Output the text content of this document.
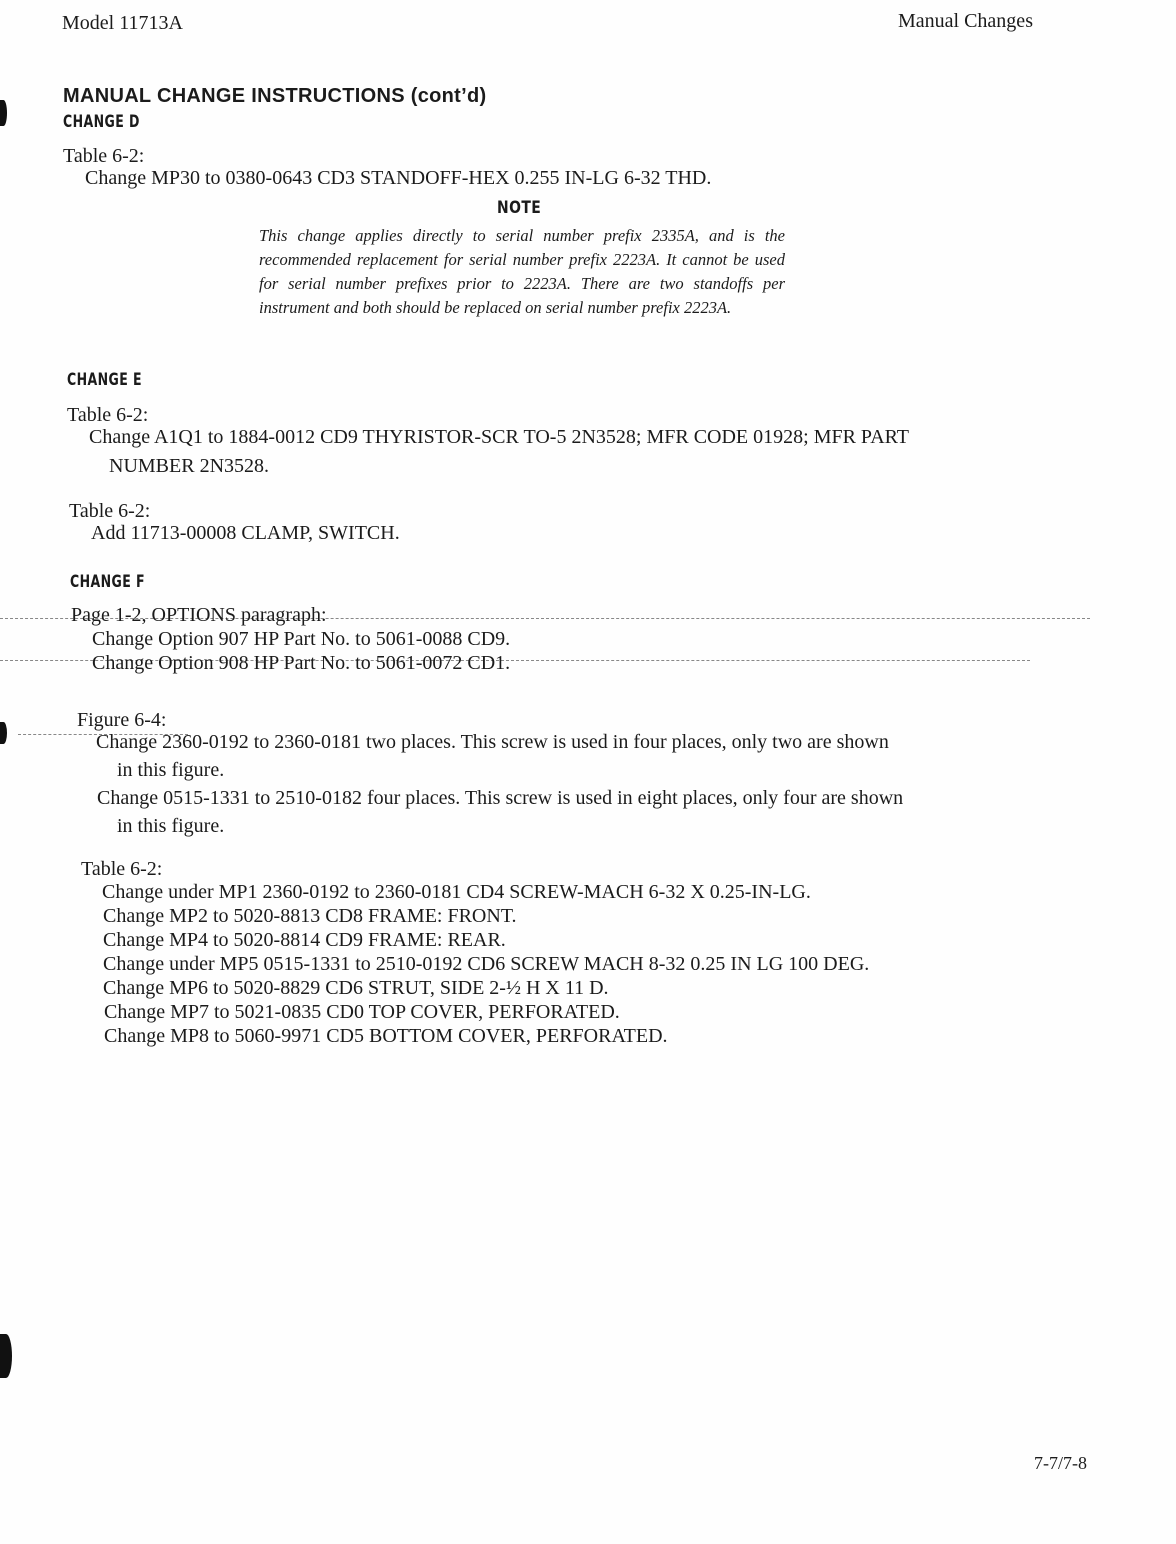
Model 11713A	Manual Changes
MANUAL CHANGE INSTRUCTIONS (cont’d)
CHANGE D
Table 6-2:
Change MP30 to 0380-0643 CD3 STANDOFF-HEX 0.255 IN-LG 6-32 THD.
NOTE
This change applies directly to serial number prefix 2335A, and is the recommended replacement for serial number prefix 2223A. It cannot be used for serial number prefixes prior to 2223A. There are two standoffs per instrument and both should be replaced on serial number prefix 2223A.
CHANGE E
Table 6-2:
Change A1Q1 to 1884-0012 CD9 THYRISTOR-SCR TO-5 2N3528; MFR CODE 01928; MFR PART
NUMBER 2N3528.
Table 6-2:
Add 11713-00008 CLAMP, SWITCH.
CHANGE F
Page 1-2, OPTIONS paragraph:
Change Option 907 HP Part No. to 5061-0088 CD9.
Change Option 908 HP Part No. to 5061-0072 CD1.
Figure 6-4:
Change 2360-0192 to 2360-0181 two places. This screw is used in four places, only two are shown
in this figure.
Change 0515-1331 to 2510-0182 four places. This screw is used in eight places, only four are shown
in this figure.
Table 6-2:
Change under MP1 2360-0192 to 2360-0181 CD4 SCREW-MACH 6-32 X 0.25-IN-LG.
Change MP2 to 5020-8813 CD8 FRAME: FRONT.
Change MP4 to 5020-8814 CD9 FRAME: REAR.
Change under MP5 0515-1331 to 2510-0192 CD6 SCREW MACH 8-32 0.25 IN LG 100 DEG.
Change MP6 to 5020-8829 CD6 STRUT, SIDE 2-½ H X 11 D.
Change MP7 to 5021-0835 CD0 TOP COVER, PERFORATED.
Change MP8 to 5060-9971 CD5 BOTTOM COVER, PERFORATED.
7-7/7-8
